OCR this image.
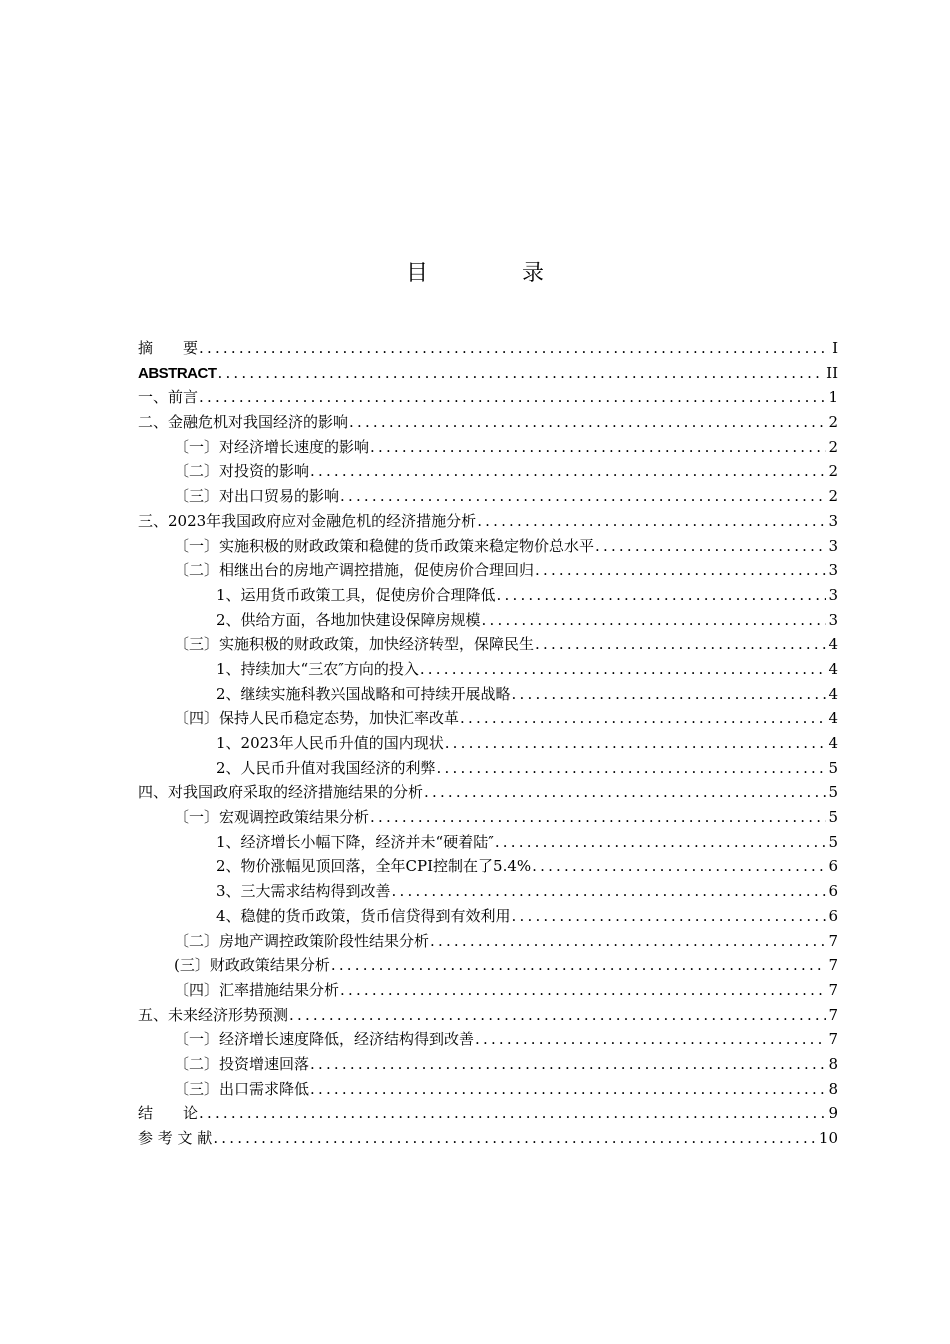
目　录
摘　　要 .....	I
ABSTRACT .....	II
一、前言 .....	1
二、金融危机对我国经济的影响 .....	2
〔一〕对经济增长速度的影响 .....	2
〔二〕对投资的影响 .....	2
〔三〕对出口贸易的影响 .....	2
三、2023年我国政府应对金融危机的经济措施分析 .....	3
〔一〕实施积极的财政政策和稳健的货币政策来稳定物价总水平 .....	3
〔二〕相继出台的房地产调控措施，促使房价合理回归 .....	3
1、运用货币政策工具，促使房价合理降低 .....	3
2、供给方面，各地加快建设保障房规模 .....	3
〔三〕实施积极的财政政策，加快经济转型，保障民生 .....	4
1、持续加大“三农″方向的投入 .....	4
2、继续实施科教兴国战略和可持续开展战略 .....	4
〔四〕保持人民币稳定态势，加快汇率改革 .....	4
1、2023年人民币升值的国内现状 .....	4
2、人民币升值对我国经济的利弊 .....	5
四、对我国政府采取的经济措施结果的分析 .....	5
〔一〕宏观调控政策结果分析 .....	5
1、经济增长小幅下降，经济并未“硬着陆″ .....	5
2、物价涨幅见顶回落，全年CPI控制在了5.4% .....	6
3、三大需求结构得到改善 .....	6
4、稳健的货币政策，货币信贷得到有效利用 .....	6
〔二〕房地产调控政策阶段性结果分析 .....	7
(三〕财政政策结果分析 .....	7
〔四〕汇率措施结果分析 .....	7
五、未来经济形势预测 .....	7
〔一〕经济增长速度降低，经济结构得到改善 .....	7
〔二〕投资增速回落 .....	8
〔三〕出口需求降低 .....	8
结　　论 .....	9
参 考 文 献 .....	10
